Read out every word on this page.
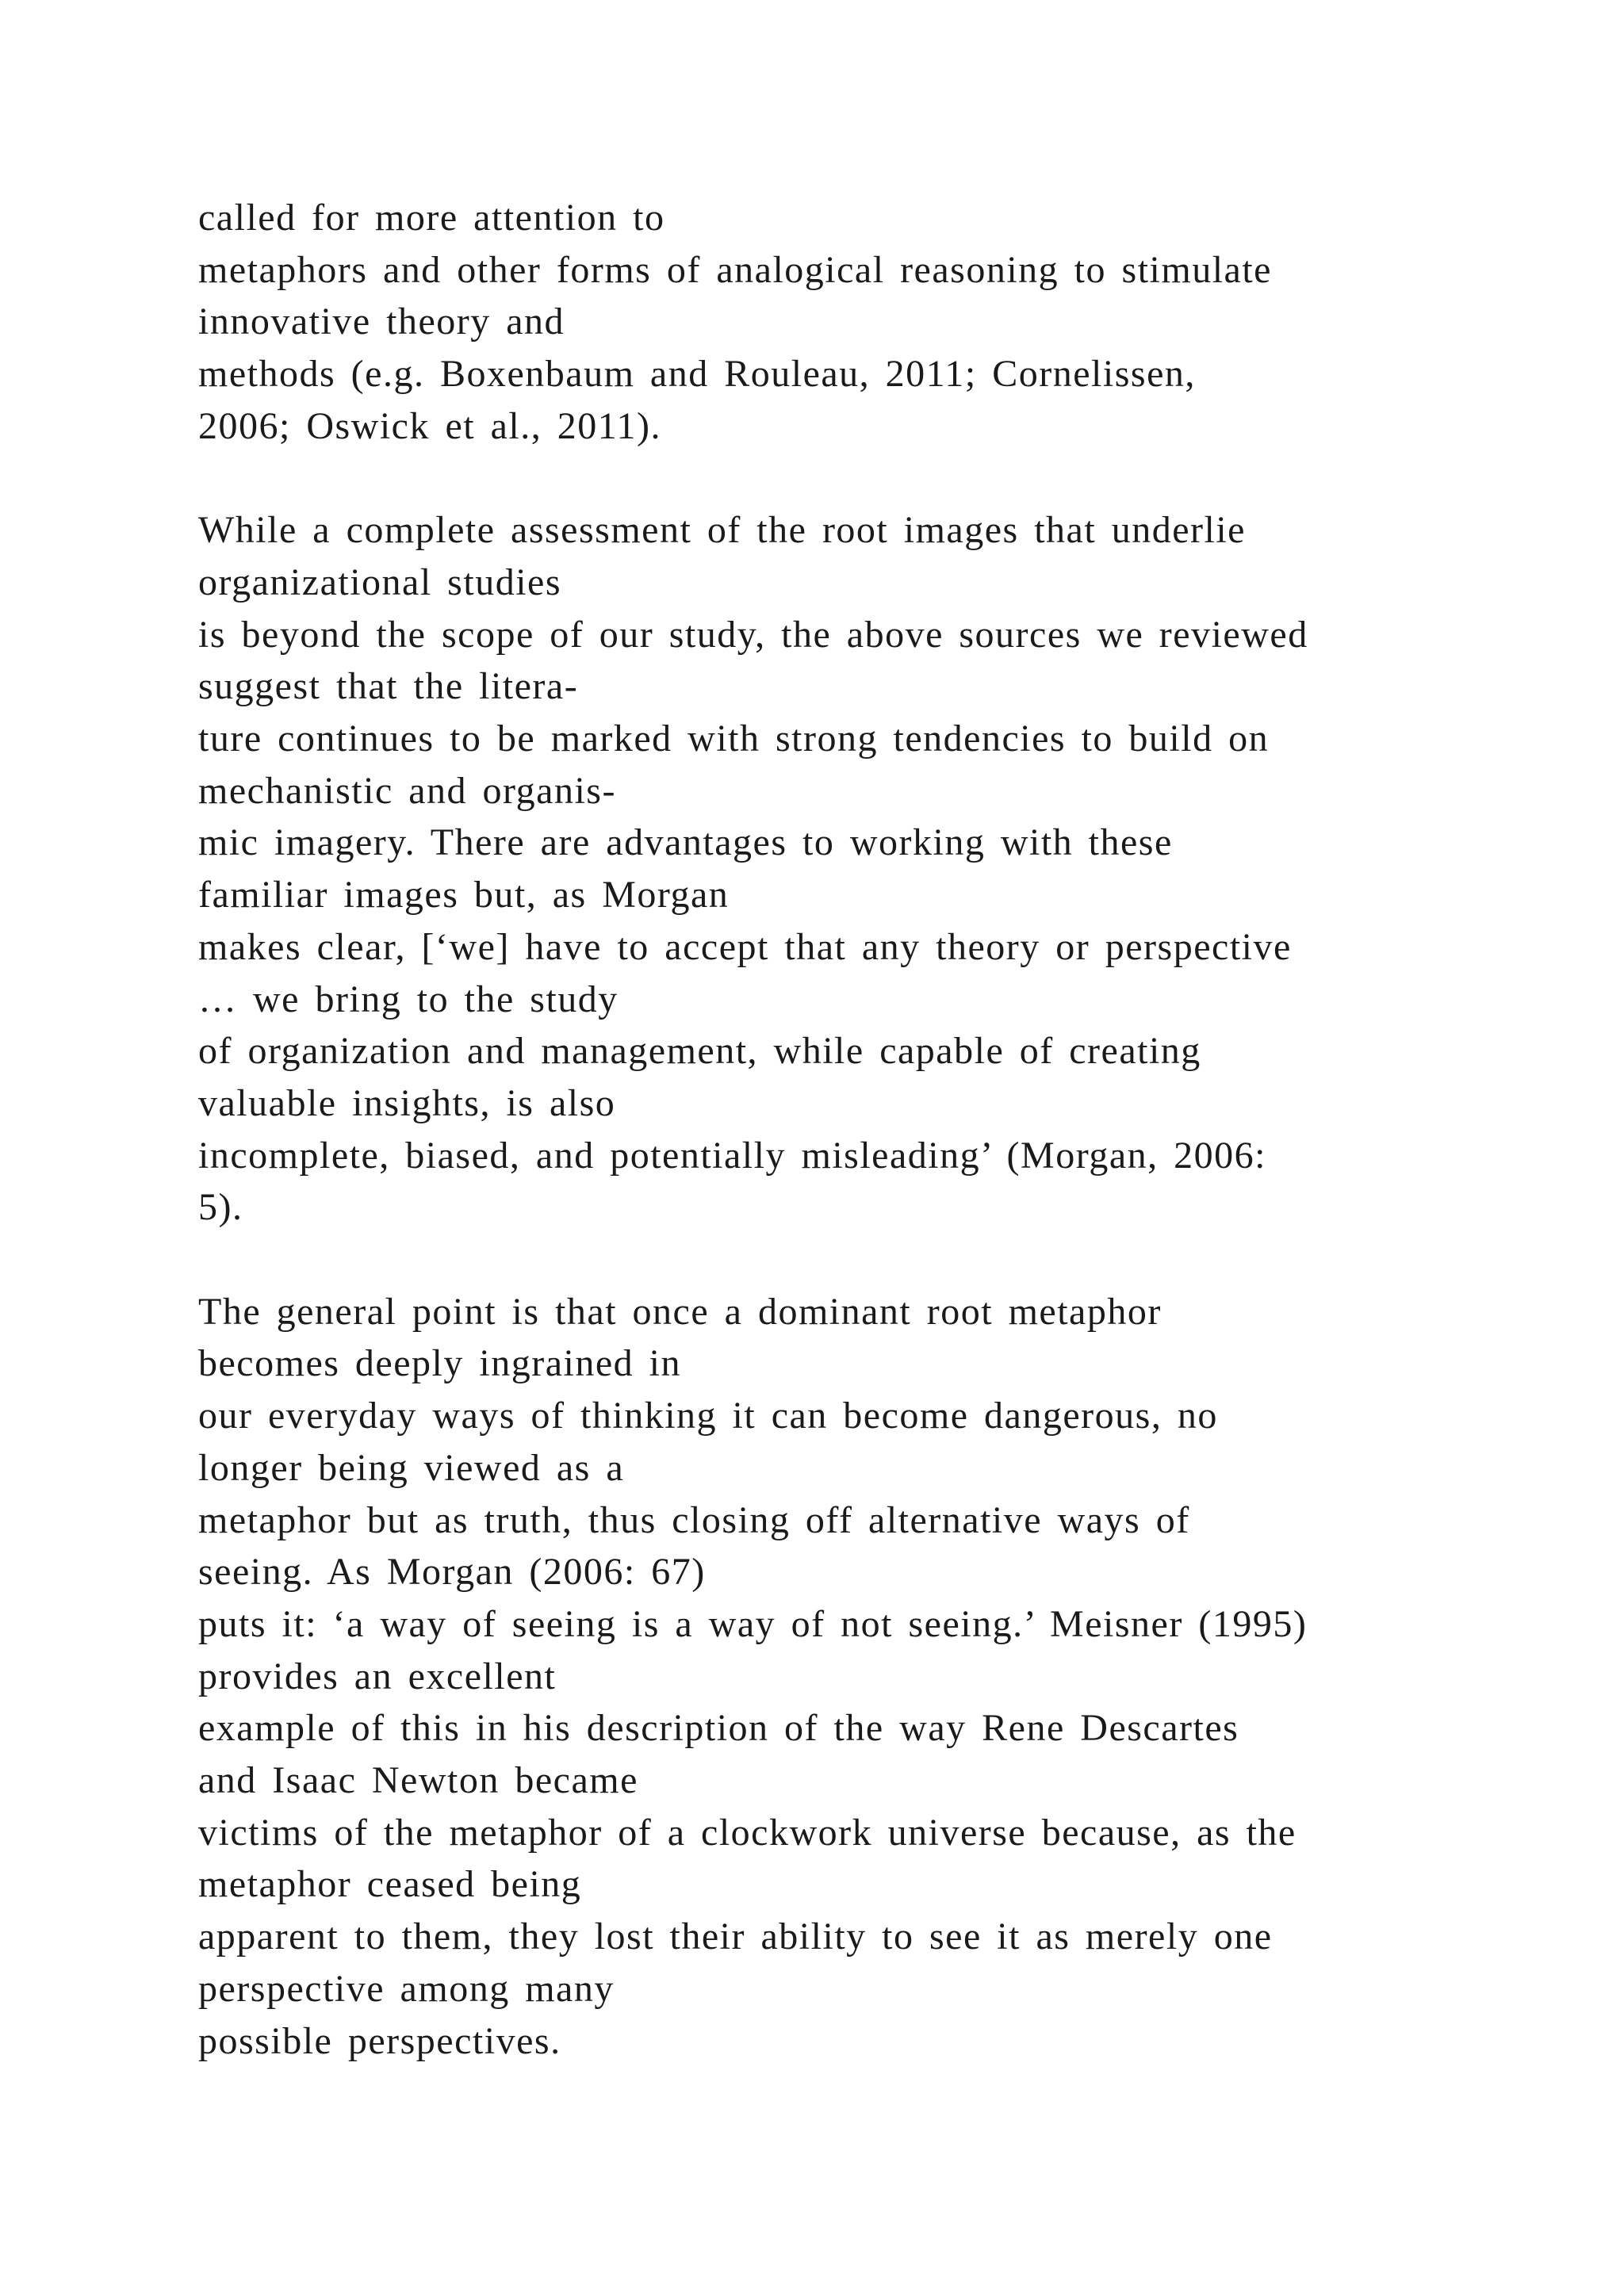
called for more attention to
metaphors and other forms of analogical reasoning to stimulate
innovative theory and
methods (e.g. Boxenbaum and Rouleau, 2011; Cornelissen,
2006; Oswick et al., 2011).
While a complete assessment of the root images that underlie
organizational studies
is beyond the scope of our study, the above sources we reviewed
suggest that the litera-
ture continues to be marked with strong tendencies to build on
mechanistic and organis-
mic imagery. There are advantages to working with these
familiar images but, as Morgan
makes clear, [‘we] have to accept that any theory or perspective
… we bring to the study
of organization and management, while capable of creating
valuable insights, is also
incomplete, biased, and potentially misleading’ (Morgan, 2006:
5).
The general point is that once a dominant root metaphor
becomes deeply ingrained in
our everyday ways of thinking it can become dangerous, no
longer being viewed as a
metaphor but as truth, thus closing off alternative ways of
seeing. As Morgan (2006: 67)
puts it: ‘a way of seeing is a way of not seeing.’ Meisner (1995)
provides an excellent
example of this in his description of the way Rene Descartes
and Isaac Newton became
victims of the metaphor of a clockwork universe because, as the
metaphor ceased being
apparent to them, they lost their ability to see it as merely one
perspective among many
possible perspectives.
